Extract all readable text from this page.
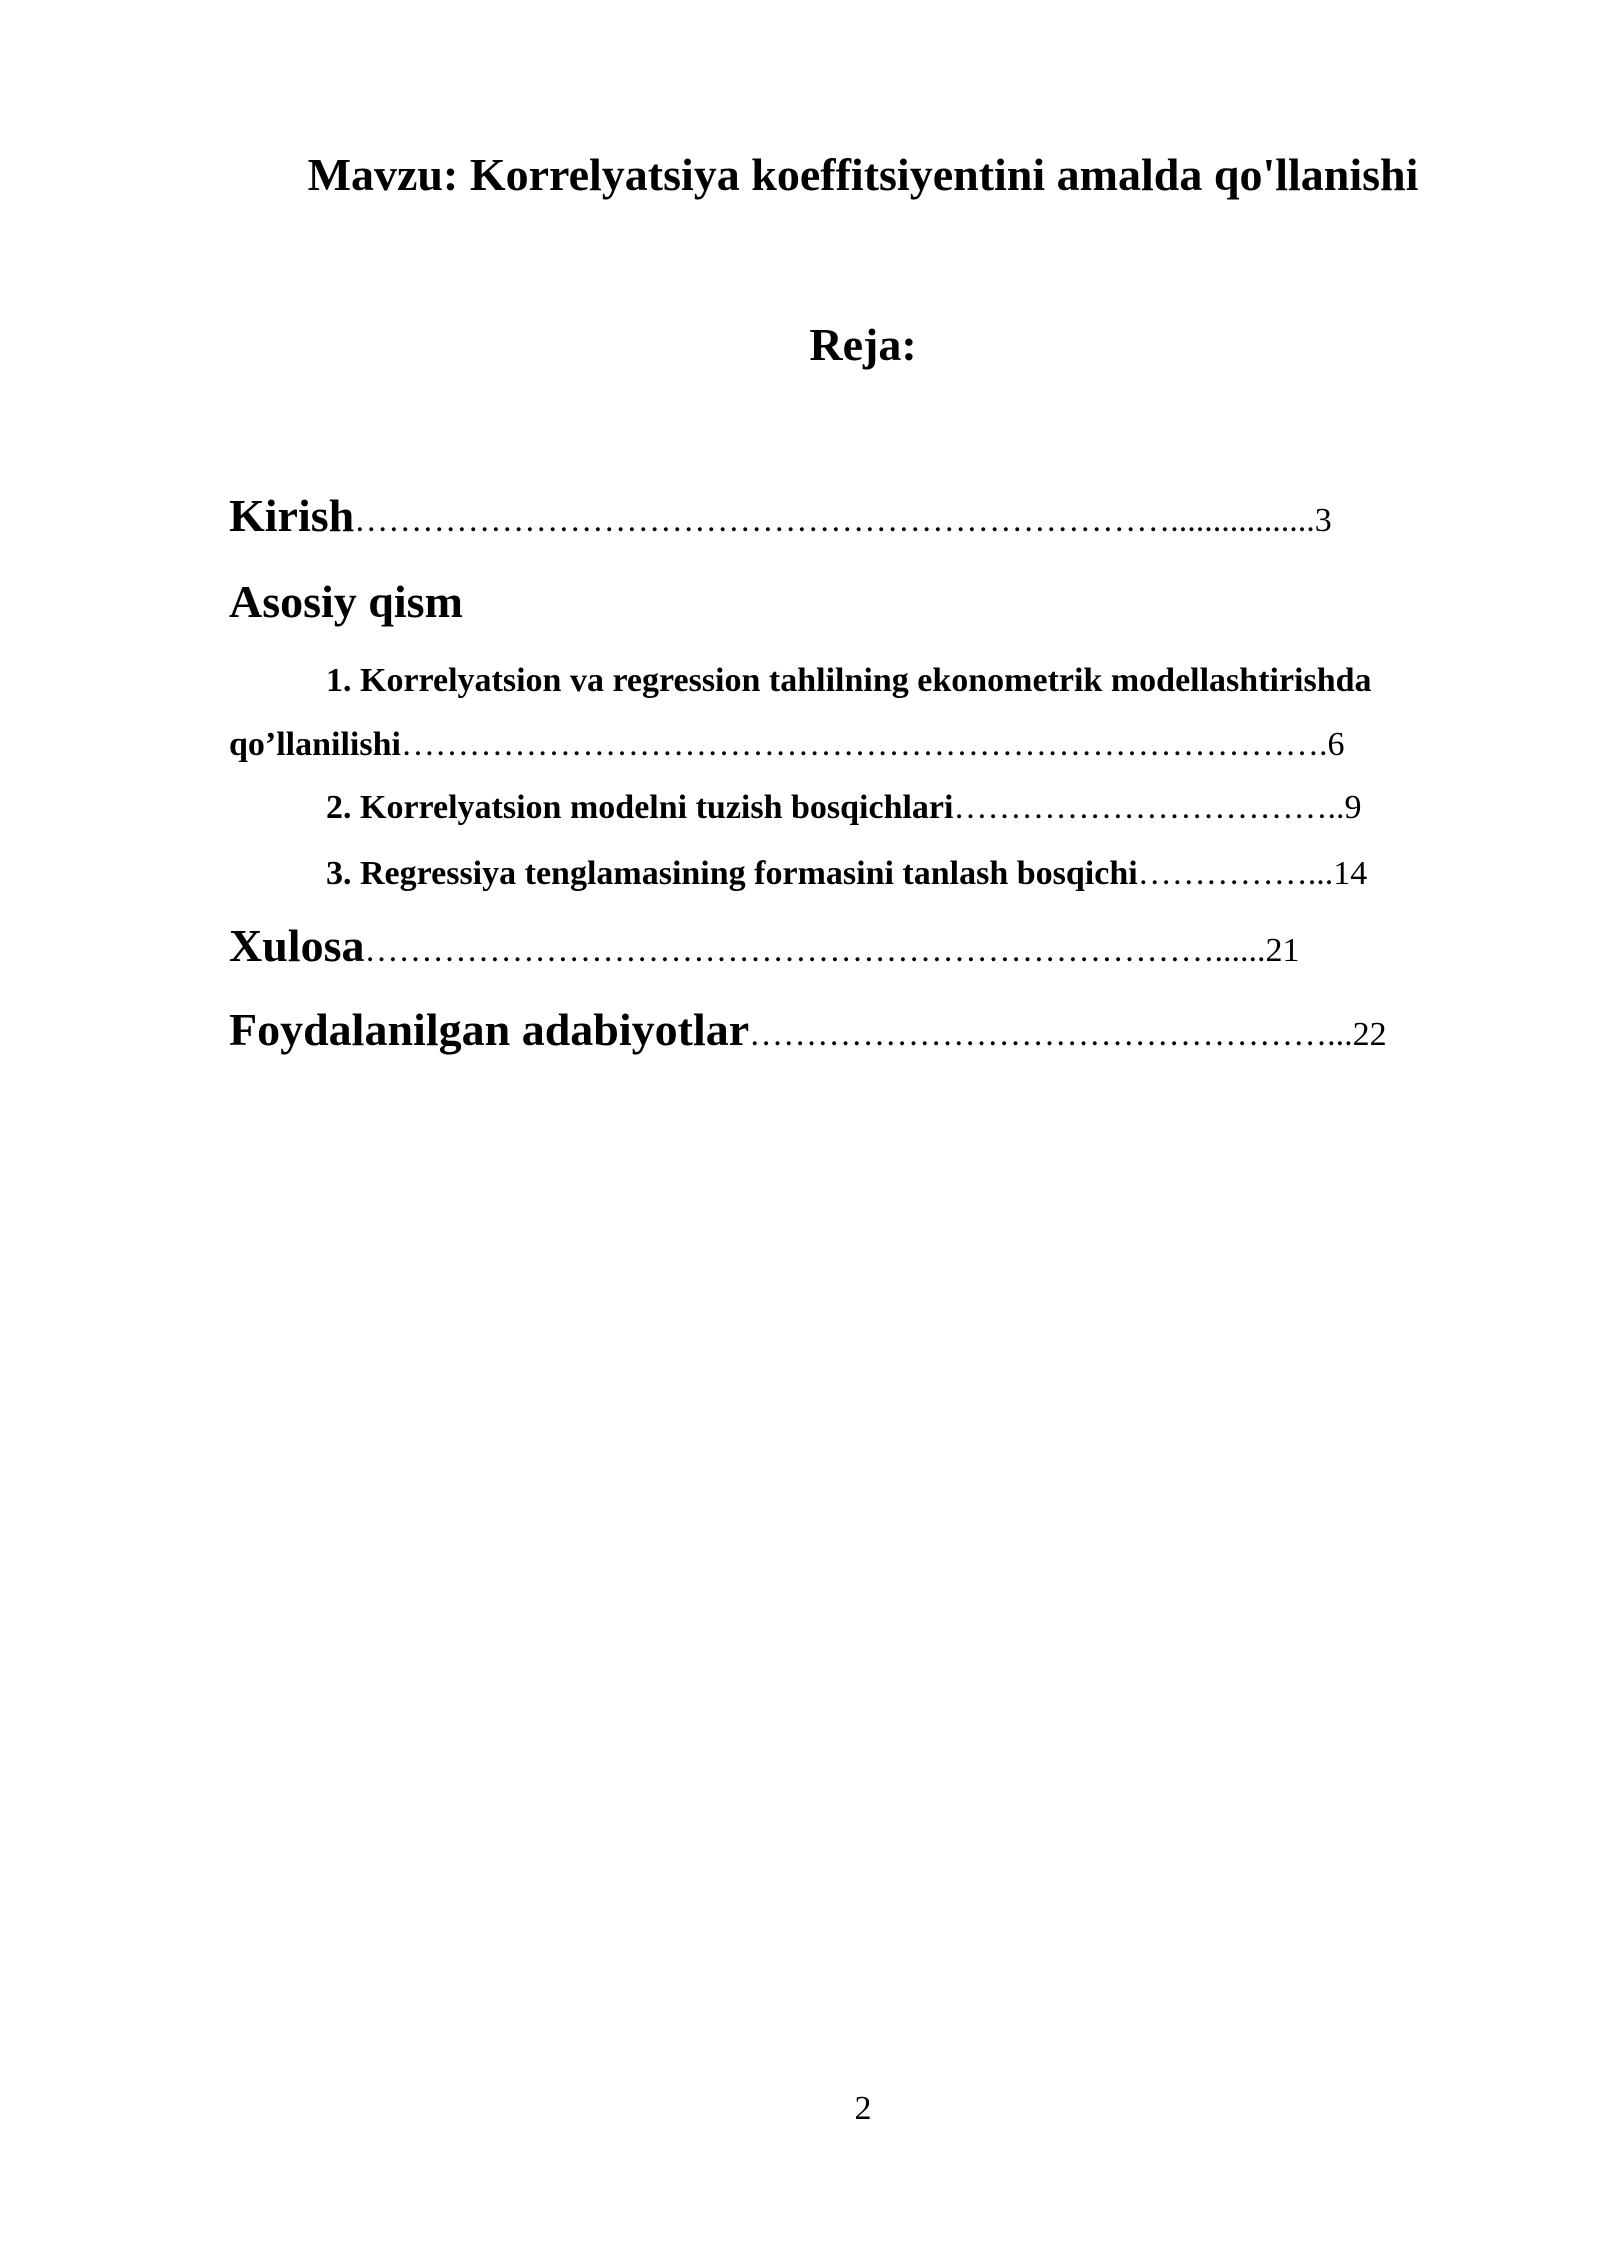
Mavzu: Korrelyatsiya koeffitsiyentini amalda qo'llanishi
Reja:
Kirish……………………………………………………………….................3
Asosiy qism
1. Korrelyatsion va regression tahlilning ekonometrik modellashtirishda
qo’llanilishi……………………………………………………………………….6
2. Korrelyatsion modelni tuzish bosqichlari……………………………..9
3. Regressiya tenglamasining formasini tanlash bosqichi……………...14
Xulosa…………………………………………………………………......21
Foydalanilgan adabiyotlar……………………………………………...22
2
